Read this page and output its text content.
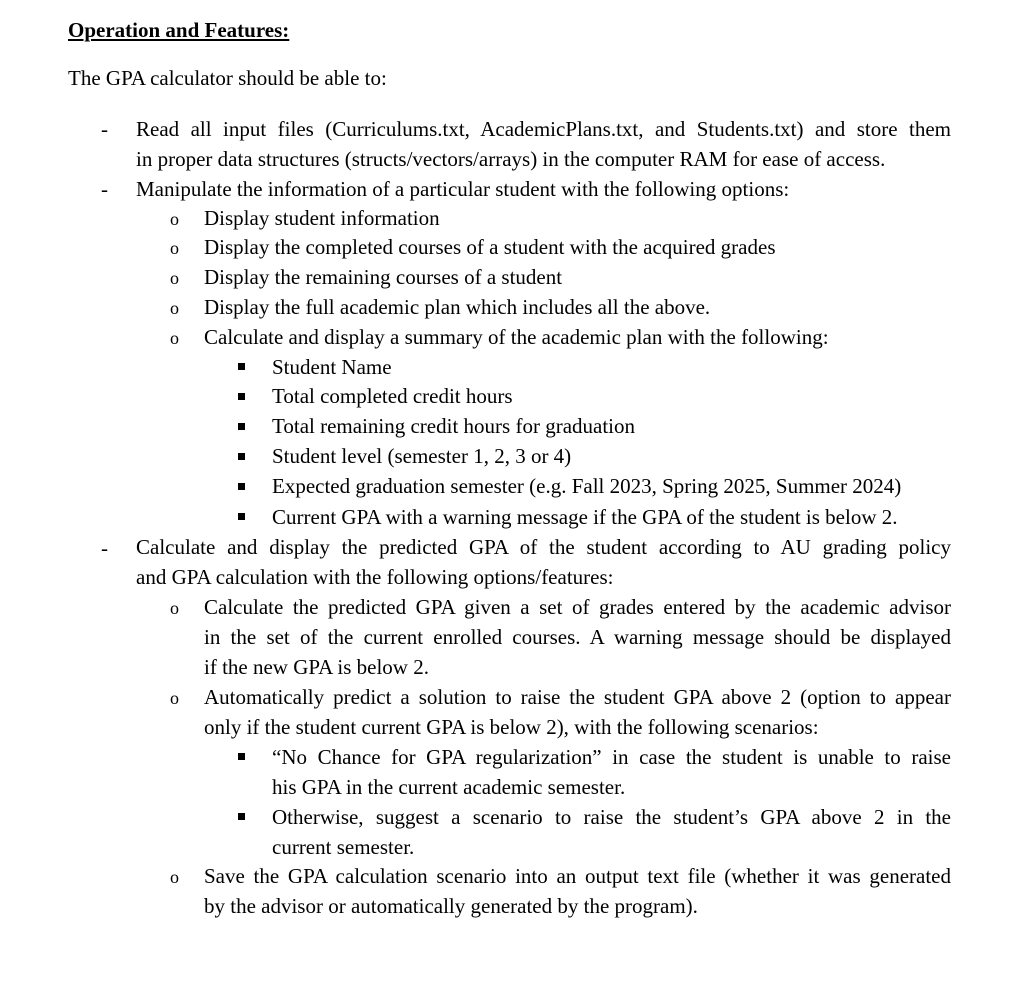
Operation and Features:
The GPA calculator should be able to:
- Read all input files (Curriculums.txt, AcademicPlans.txt, and Students.txt) and store them
in proper data structures (structs/vectors/arrays) in the computer RAM for ease of access.
- Manipulate the information of a particular student with the following options:
o Display student information
o Display the completed courses of a student with the acquired grades
o Display the remaining courses of a student
o Display the full academic plan which includes all the above.
o Calculate and display a summary of the academic plan with the following:
Student Name
Total completed credit hours
Total remaining credit hours for graduation
Student level (semester 1, 2, 3 or 4)
Expected graduation semester (e.g. Fall 2023, Spring 2025, Summer 2024)
Current GPA with a warning message if the GPA of the student is below 2.
- Calculate and display the predicted GPA of the student according to AU grading policy
and GPA calculation with the following options/features:
o Calculate the predicted GPA given a set of grades entered by the academic advisor
in the set of the current enrolled courses. A warning message should be displayed
if the new GPA is below 2.
o Automatically predict a solution to raise the student GPA above 2 (option to appear
only if the student current GPA is below 2), with the following scenarios:
“No Chance for GPA regularization” in case the student is unable to raise
his GPA in the current academic semester.
Otherwise, suggest a scenario to raise the student’s GPA above 2 in the
current semester.
o Save the GPA calculation scenario into an output text file (whether it was generated
by the advisor or automatically generated by the program).
